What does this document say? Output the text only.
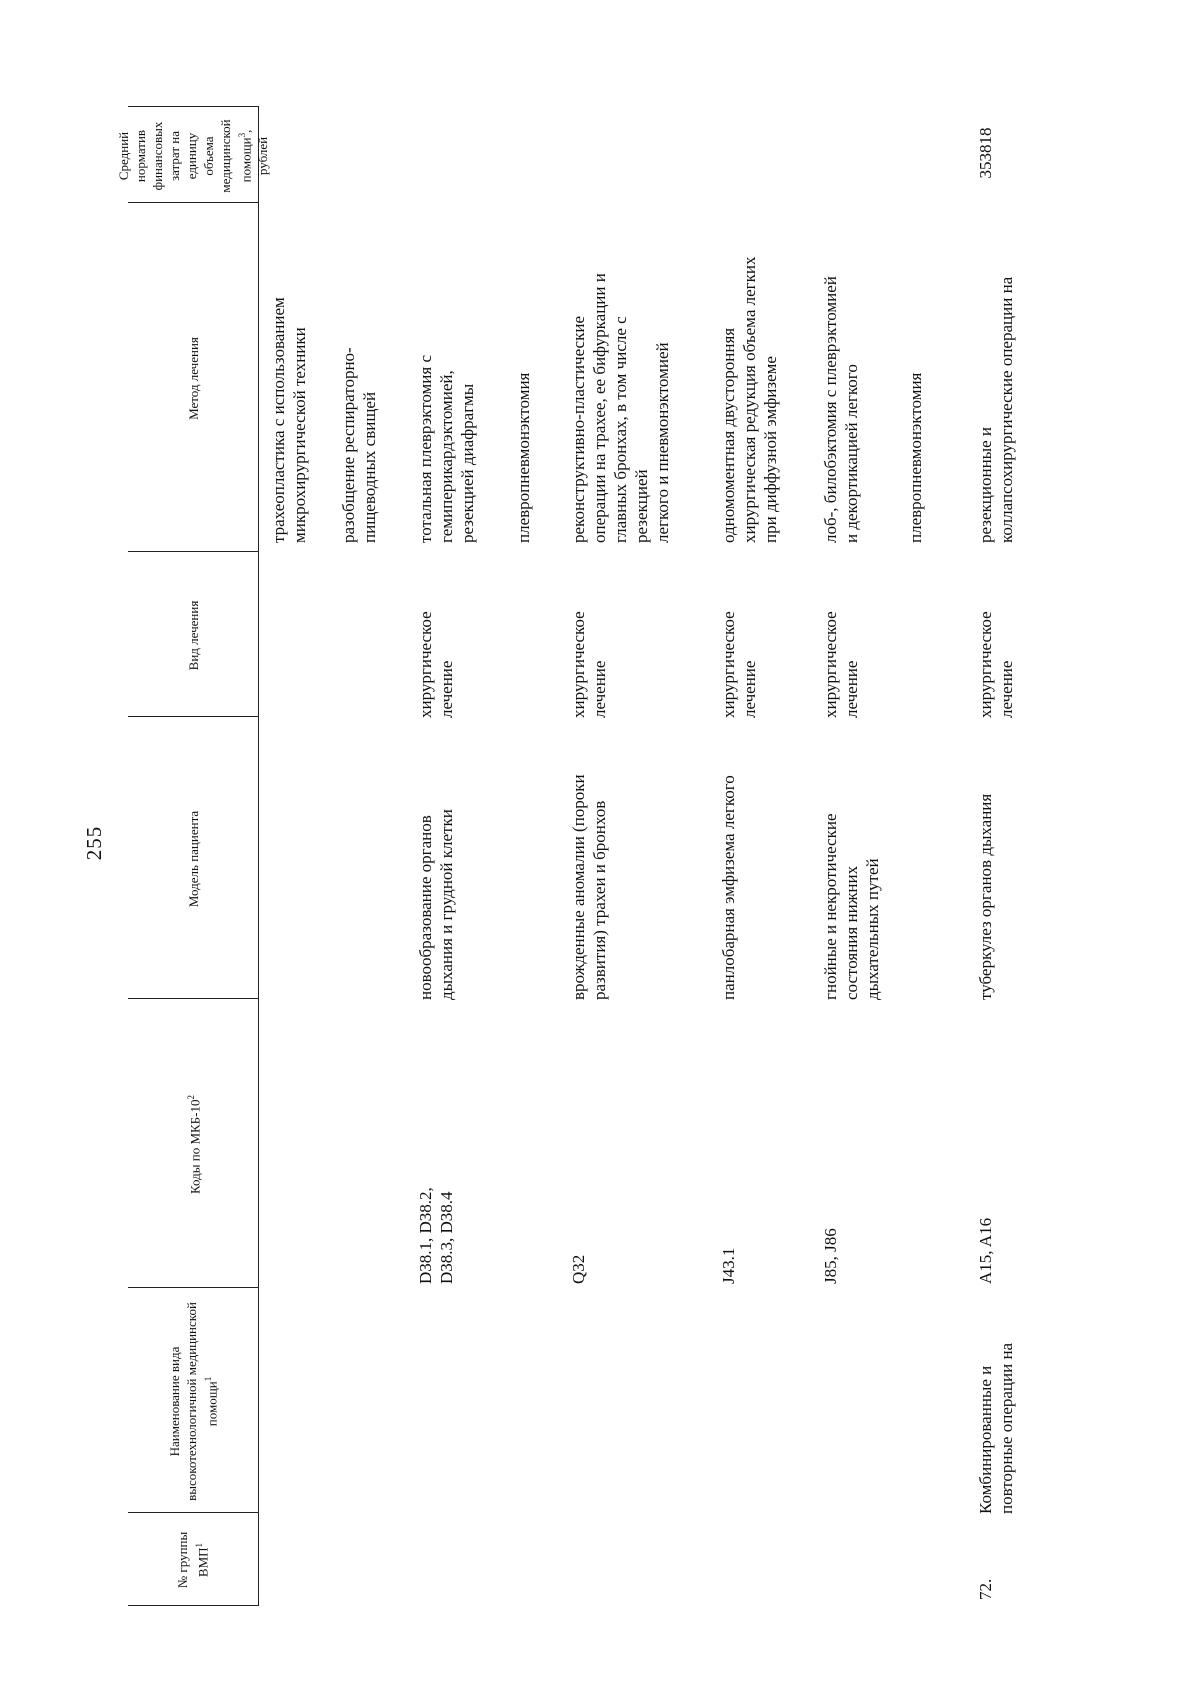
255
№ группы ВМП$^1$
Наименование вида высокотехнологичной медицинской помощи$^1$
Коды по МКБ-$10^2$
Модель пациента
Вид лечения
Метод лечения
Средний норматив финансовых затрат на единицу объема медицинской помощи$^3$, рублей
трахеопластика с использованием
микрохирургической техники
разобщение респираторно-
пищеводных свищей
D38.1, D38.2,
D38.3, D38.4
новообразование органов
дыхания и грудной клетки
хирургическое
лечение
тотальная плеврэктомия с
гемиперикардэктомией,
резекцией диафрагмы плевропневмонэктомия
Q32
врожденные аномалии (пороки
развития) трахеи и бронхов
хирургическое
лечение
реконструктивно-пластические
операции на трахее, ее бифуркации и
главных бронхах, в том числе с
резекцией
легкого и пневмонэктомией
J43.1
панлобарная эмфизема легкого
хирургическое
лечение
одномоментная двусторонняя
хирургическая редукция объема легких
при диффузной эмфиземе
J85, J86
гнойные и некротические
состояния нижних
дыхательных путей
хирургическое
лечение
лоб-, билобэктомия с плеврэктомией
и декортикацией легкого	плевропневмонэктомия
72.
Комбинированные и
повторные операции на
A15, A16
туберкулез органов дыхания
хирургическое
лечение
резекционные и
коллапсохирургические операции на
353818
